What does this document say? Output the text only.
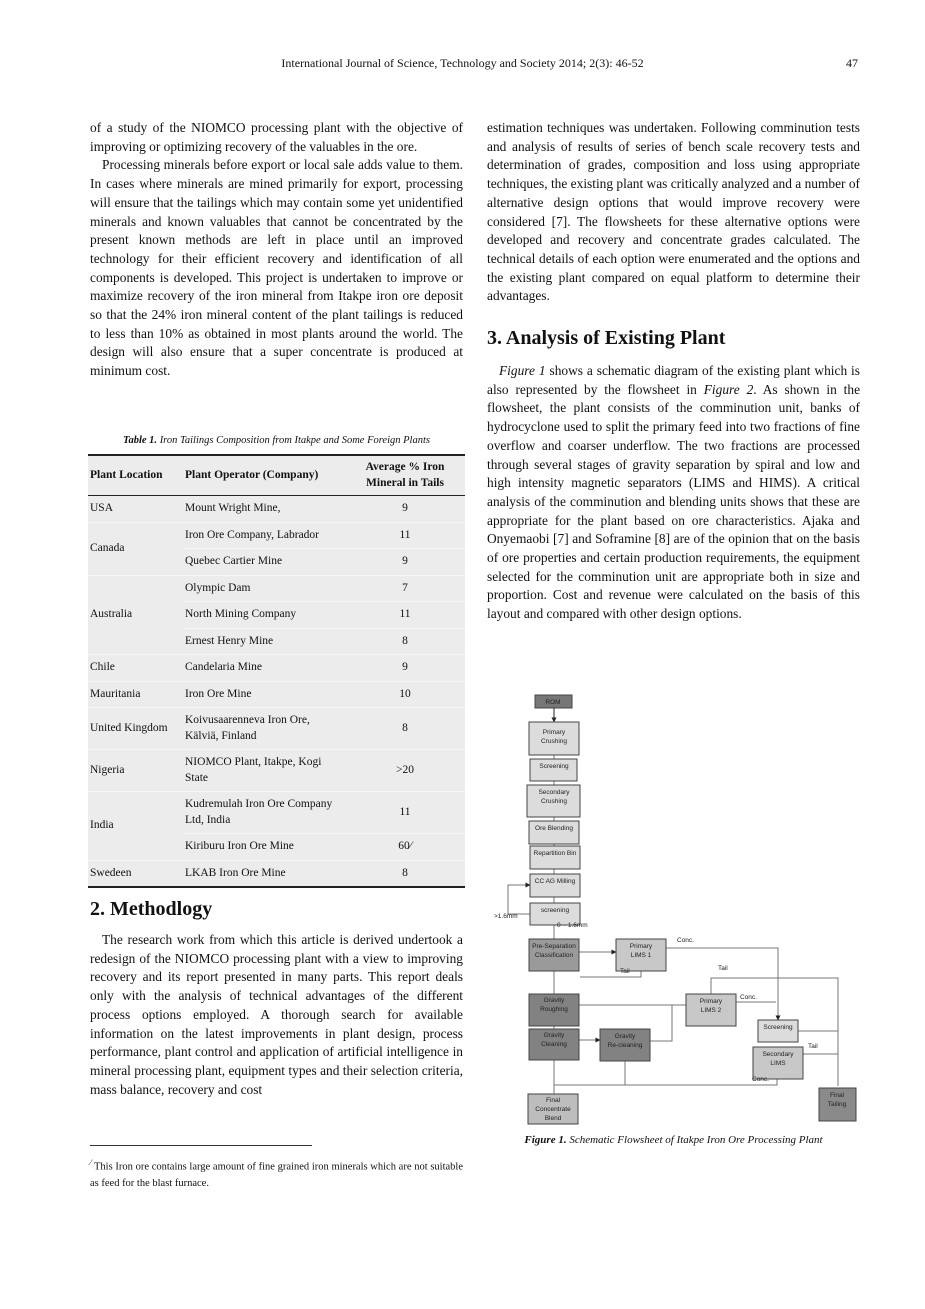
International Journal of Science, Technology and Society 2014; 2(3): 46-52	47

of a study of the NIOMCO processing plant with the objective of improving or optimizing recovery of the valuables in the ore.

Processing minerals before export or local sale adds value to them. In cases where minerals are mined primarily for export, processing will ensure that the tailings which may contain some yet unidentified minerals and known valuables that cannot be concentrated by the present known methods are left in place until an improved technology for their efficient recovery and identification of all components is developed. This project is undertaken to improve or maximize recovery of the iron mineral from Itakpe iron ore deposit so that the 24% iron mineral content of the plant tailings is reduced to less than 10% as obtained in most plants around the world. The design will also ensure that a super concentrate is produced at minimum cost.

Table 1. Iron Tailings Composition from Itakpe and Some Foreign Plants
Plant Location	Plant Operator (Company)	Average % Iron Mineral in Tails
USA	Mount Wright Mine,	9
Canada	Iron Ore Company, Labrador	11
	Quebec Cartier Mine	9
Australia	Olympic Dam	7
	North Mining Company	11
	Ernest Henry Mine	8
Chile	Candelaria Mine	9
Mauritania	Iron Ore Mine	10
United Kingdom	Koivusaarenneva Iron Ore, Kälviä, Finland	8
Nigeria	NIOMCO Plant, Itakpe, Kogi State	>20
India	Kudremulah Iron Ore Company Ltd, India	11
	Kiriburu Iron Ore Mine	60⁄
Swedeen	LKAB Iron Ore Mine	8
2. Methodlogy

The research work from which this article is derived undertook a redesign of the NIOMCO processing plant with a view to improving recovery and its report presented in many parts. This report deals only with the analysis of technical advantages of the different process options employed. A thorough search for available information on the latest improvements in plant design, process performance, plant control and application of artificial intelligence in mineral processing plant, equipment types and their selection criteria, mass balance, recovery and cost

⁄ This Iron ore contains large amount of fine grained iron minerals which are not suitable as feed for the blast furnace.

estimation techniques was undertaken. Following comminution tests and analysis of results of series of bench scale recovery tests and determination of grades, composition and loss using appropriate techniques, the existing plant was critically analyzed and a number of alternative design options that would improve recovery were considered [7]. The flowsheets for these alternative options were developed and recovery and concentrate grades calculated. The technical details of each option were enumerated and the options and the existing plant compared on equal platform to determine their advantages.

3. Analysis of Existing Plant

Figure 1 shows a schematic diagram of the existing plant which is also represented by the flowsheet in Figure 2. As shown in the flowsheet, the plant consists of the comminution unit, banks of hydrocyclone used to split the primary feed into two fractions of fine overflow and coarser underflow. The two fractions are processed through several stages of gravity separation by spiral and low and high intensity magnetic separators (LIMS and HIMS). A critical analysis of the comminution and blending units shows that these are appropriate for the plant based on ore characteristics. Ajaka and Onyemaobi [7] and Soframine [8] are of the opinion that on the basis of ore properties and certain production requirements, the equipment selected for the comminution unit are appropriate both in size and proportion. Cost and revenue were calculated on the basis of this layout and compared with other design options.

ROM
Primary
Crushing
Screening
Secondary
Crushing
Ore Blending
Repartition Bin
CC AG Milling
screening
Pre-Separation
Classification
Primary
LIMS 1
Gravity
Roughing
Gravity
Cleaning
Gravity
Re-cleaning
Primary
LIMS 2
Screening
Secondary
LIMS
Final
Concentrate
Blend
Final
Tailing
>1.6mm
0 – 1.6mm
Conc.
Tail	Tail
Conc.
Tail
Conc.
Figure 1. Schematic Flowsheet of Itakpe Iron Ore Processing Plant
